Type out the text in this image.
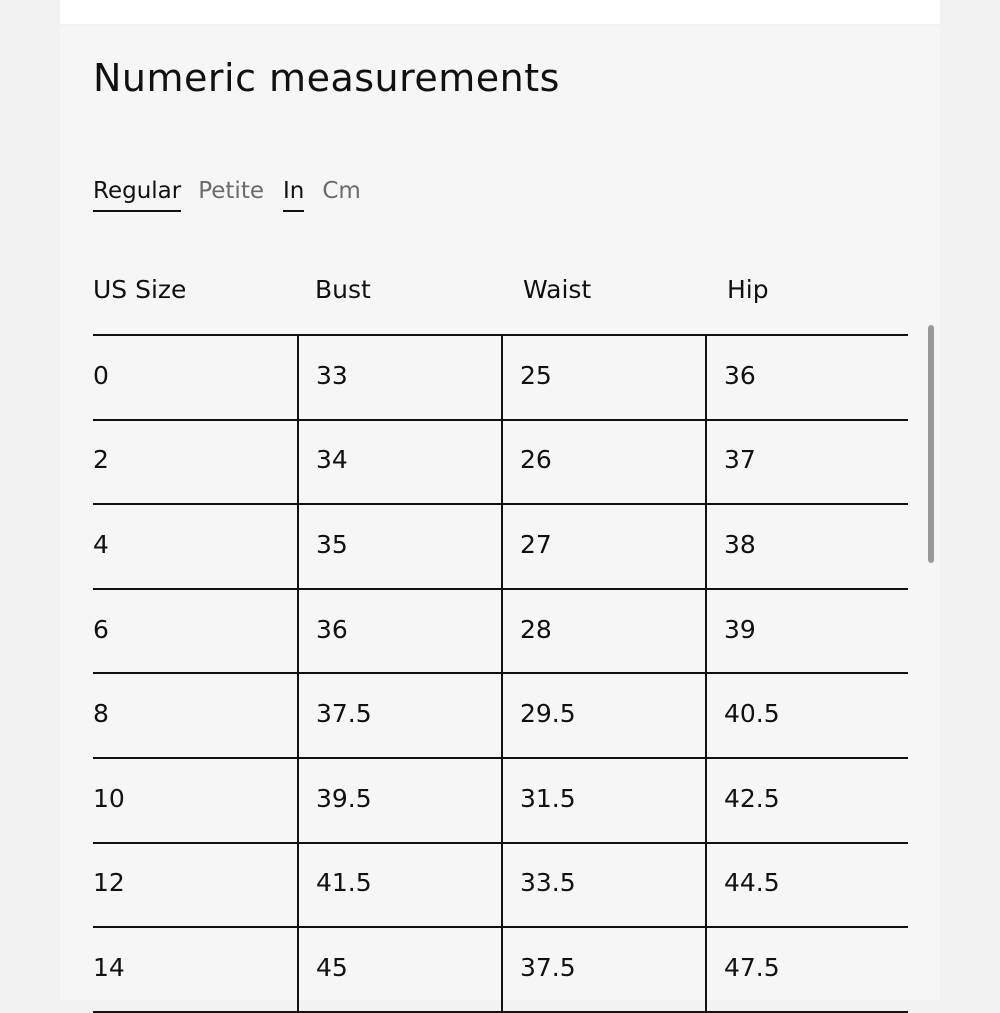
Numeric measurements
Regular Petite In Cm
US Size	Bust	Waist	Hip
0	33	25	36
2	34	26	37
4	35	27	38
6	36	28	39
8	37.5	29.5	40.5
10	39.5	31.5	42.5
12	41.5	33.5	44.5
14	45	37.5	47.5
